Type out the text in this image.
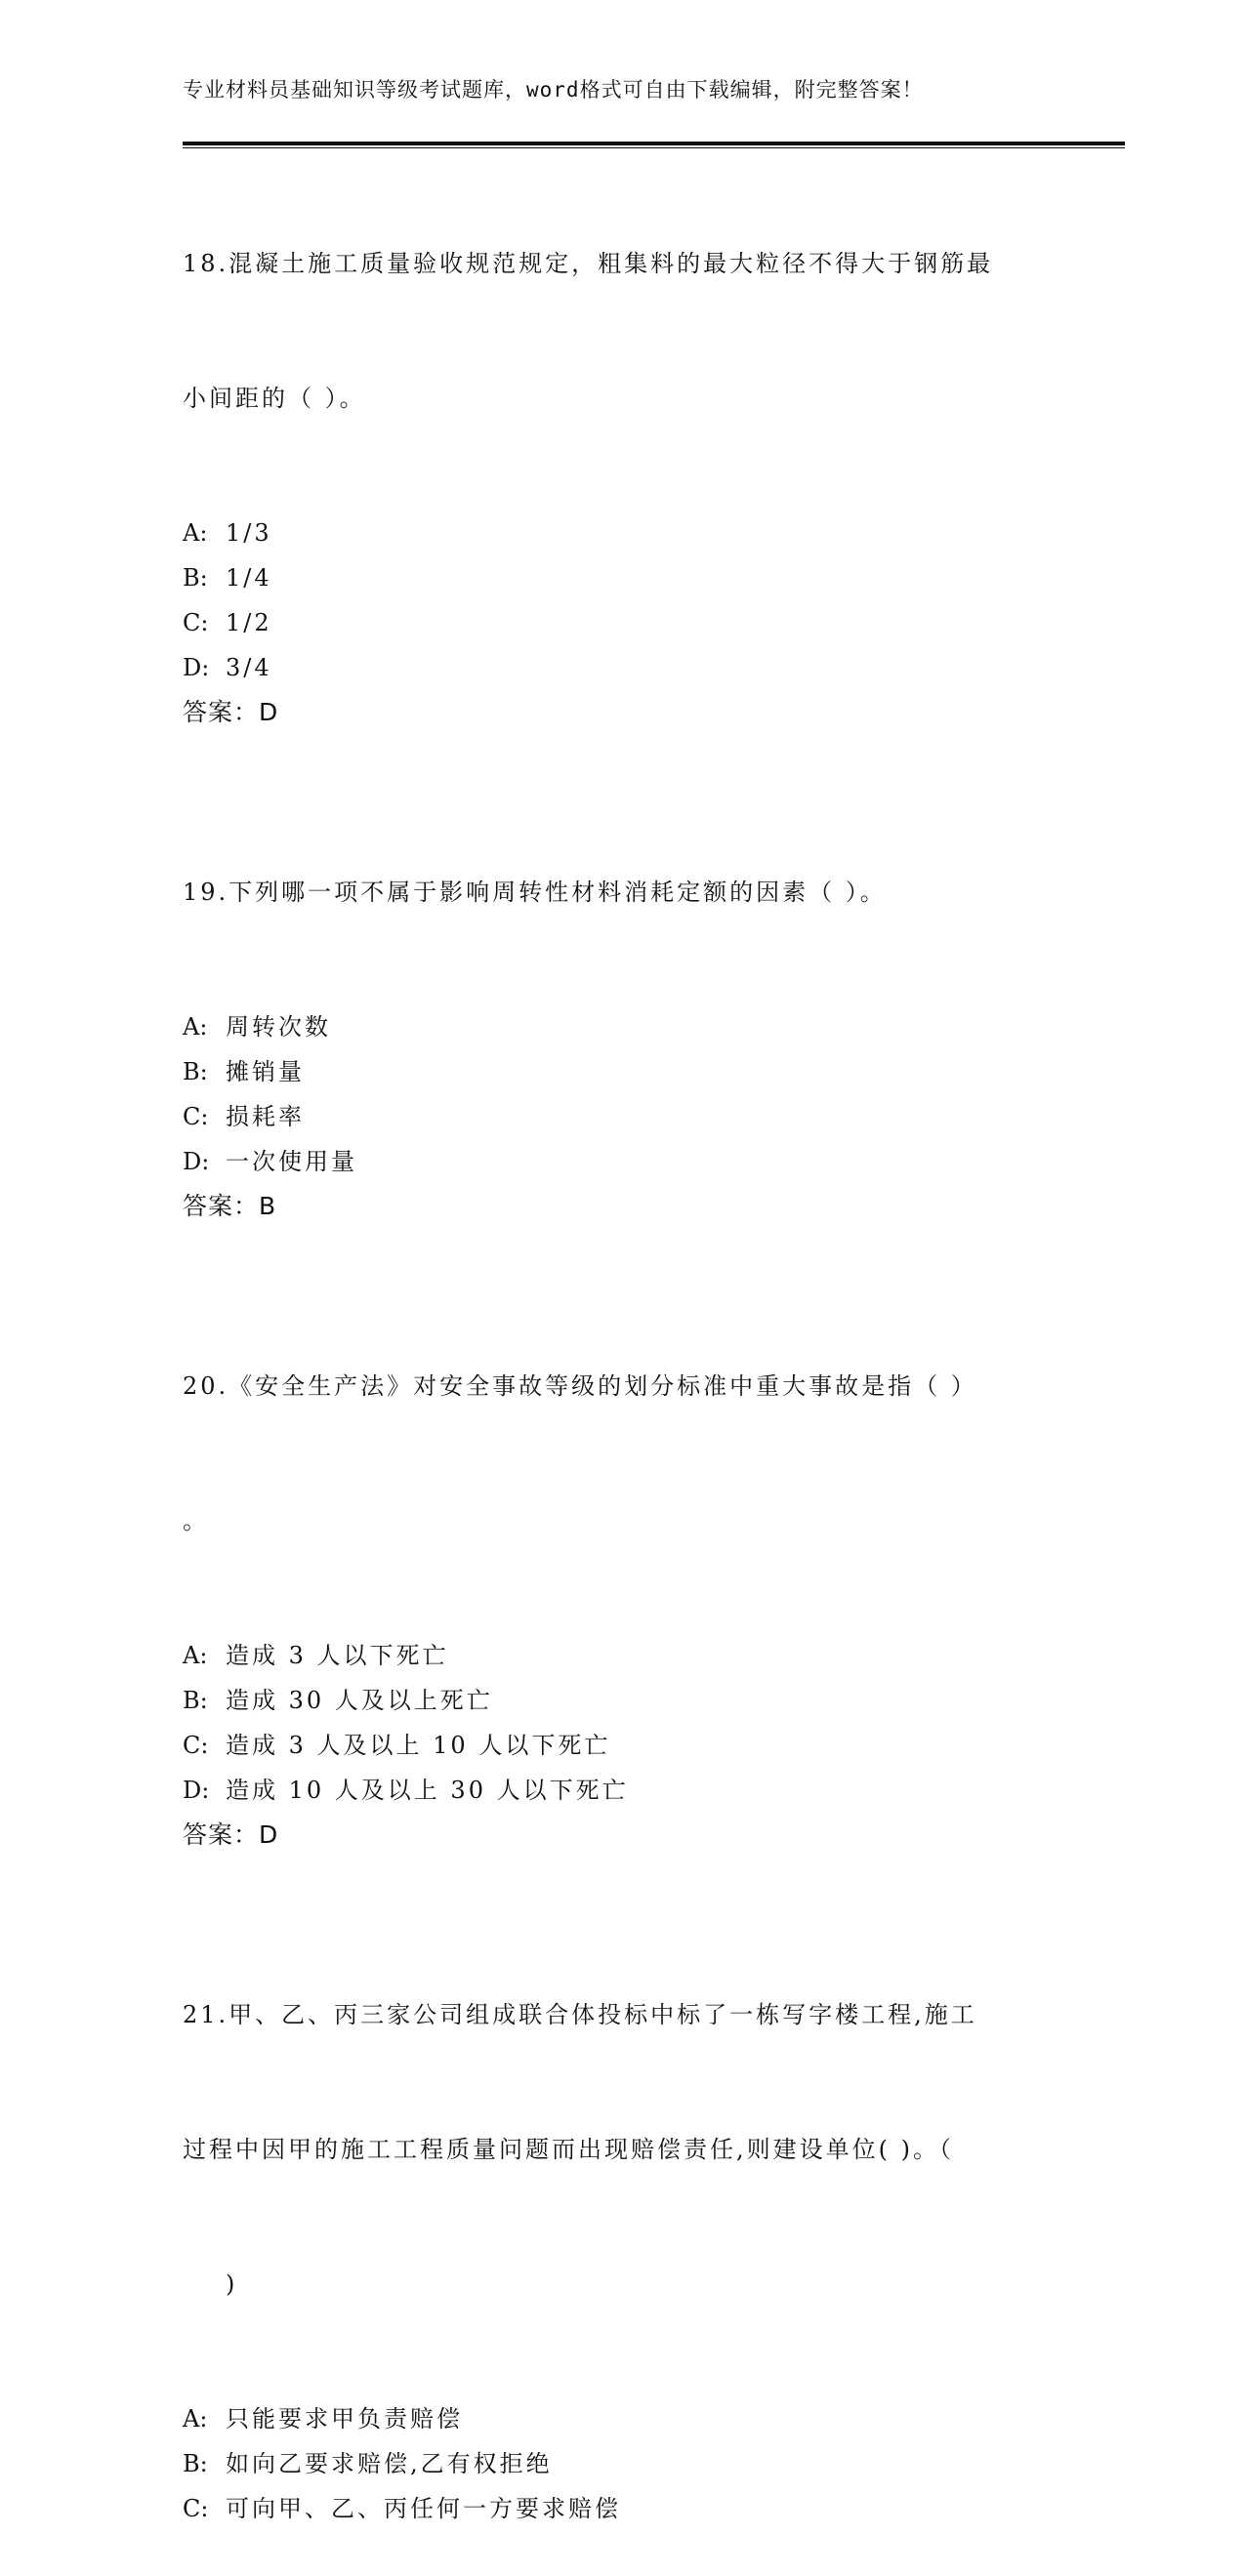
专业材料员基础知识等级考试题库，word格式可自由下载编辑，附完整答案！

18.混凝土施工质量验收规范规定，粗集料的最大粒径不得大于钢筋最

小间距的（ ）。

A: 1/3
B: 1/4
C: 1/2
D: 3/4
答案：D

19.下列哪一项不属于影响周转性材料消耗定额的因素（ ）。

A: 周转次数
B: 摊销量
C: 损耗率
D: 一次使用量
答案：B

20.《安全生产法》对安全事故等级的划分标准中重大事故是指（ ）

。

A: 造成 3 人以下死亡
B: 造成 30 人及以上死亡
C: 造成 3 人及以上 10 人以下死亡
D: 造成 10 人及以上 30 人以下死亡
答案：D

21.甲、乙、丙三家公司组成联合体投标中标了一栋写字楼工程,施工

过程中因甲的施工工程质量问题而出现赔偿责任,则建设单位( )。（

)

A: 只能要求甲负责赔偿
B: 如向乙要求赔偿,乙有权拒绝
C: 可向甲、乙、丙任何一方要求赔偿
